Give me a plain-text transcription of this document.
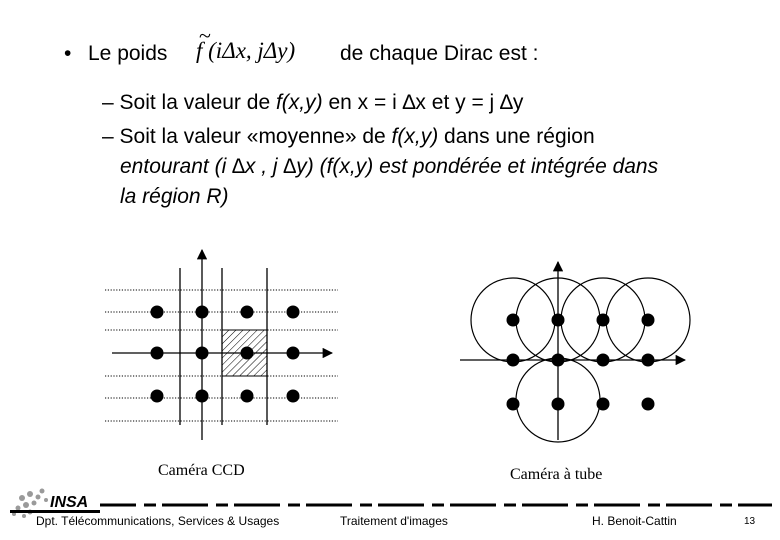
• Le poids
~
f (iΔx, jΔy) de chaque Dirac est :
– Soit la valeur de f(x,y) en x = i ∆x et y = j ∆y
– Soit la valeur «moyenne» de f(x,y) dans une région
entourant (i ∆x , j ∆y) (f(x,y) est pondérée et intégrée dans
la région R)
Caméra CCD	Caméra à tube
INSA
Dpt. Télécommunications, Services & Usages	Traitement d'images	H. Benoit-Cattin	13
